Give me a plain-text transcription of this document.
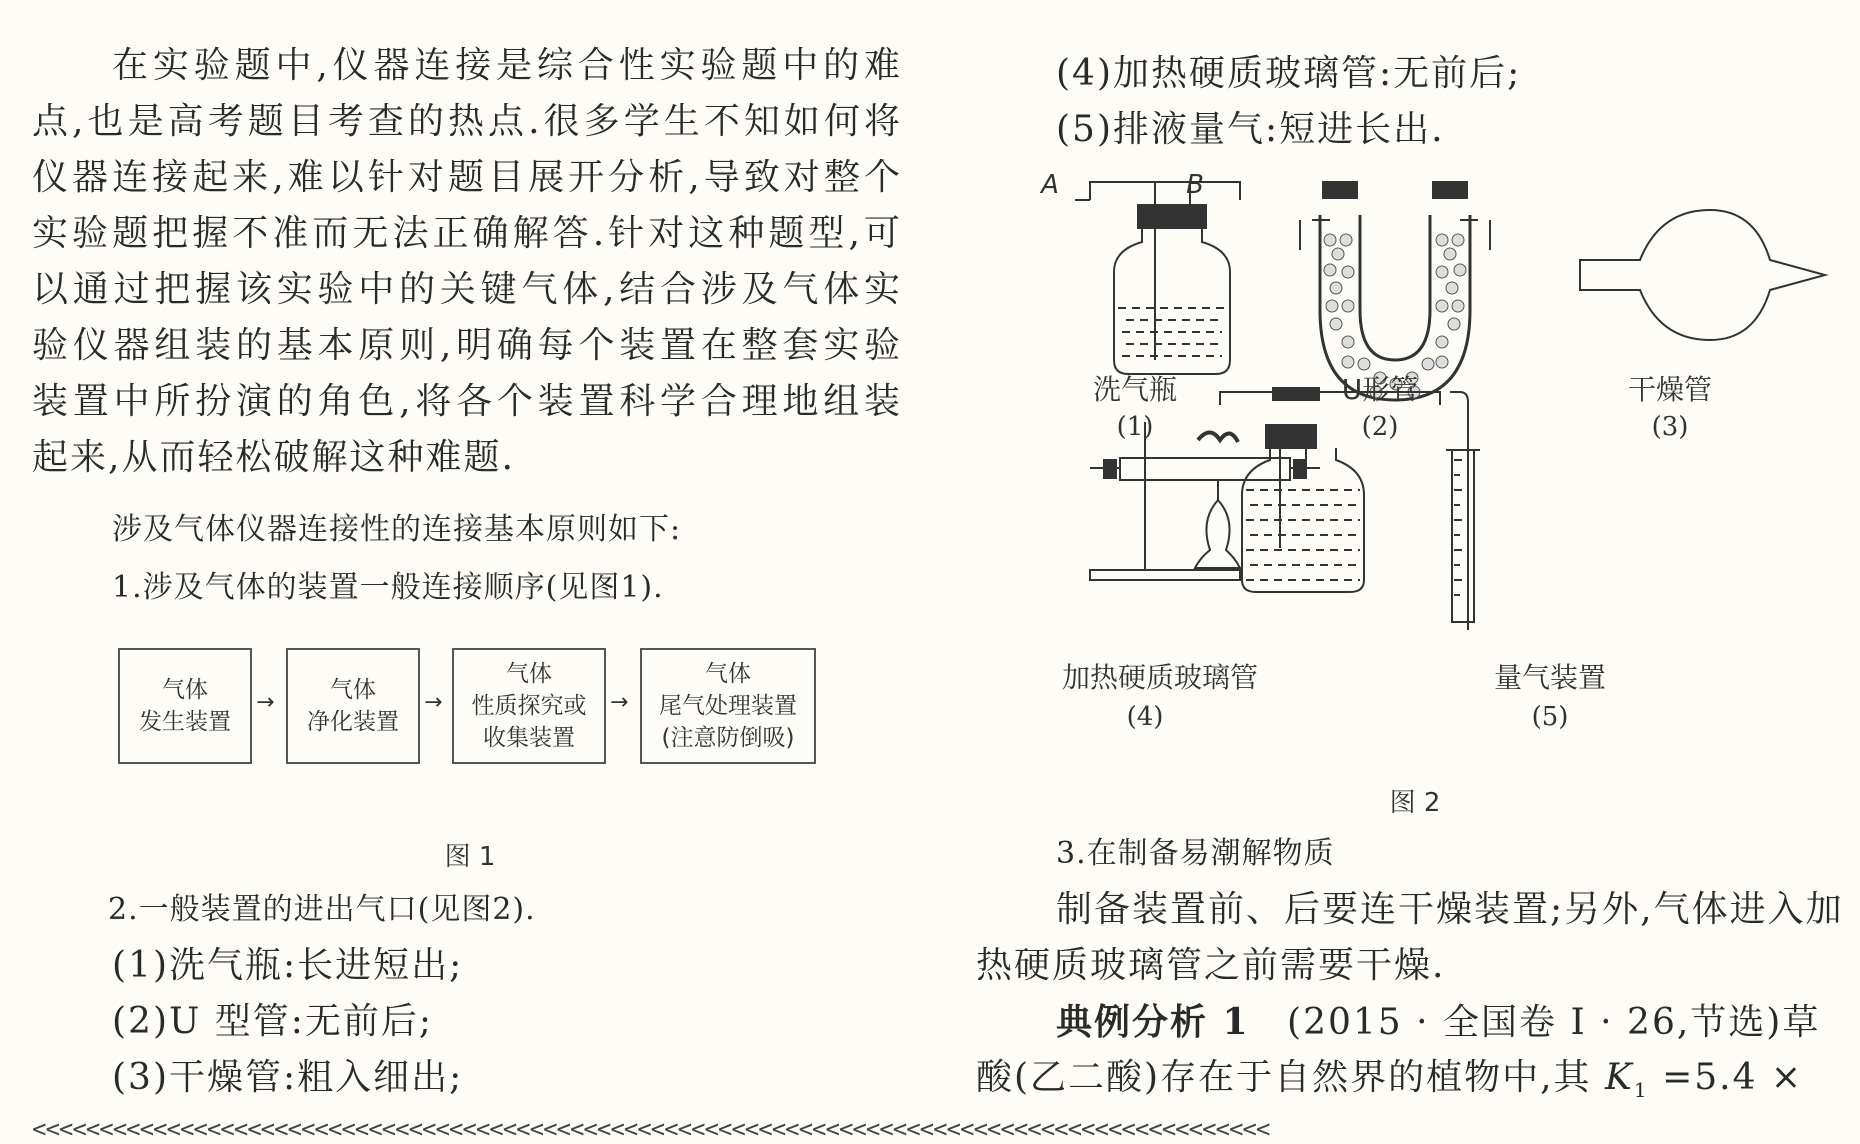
在实验题中,仪器连接是综合性实验题中的难
点,也是高考题目考查的热点.很多学生不知如何将
仪器连接起来,难以针对题目展开分析,导致对整个
实验题把握不准而无法正确解答.针对这种题型,可
以通过把握该实验中的关键气体,结合涉及气体实
验仪器组装的基本原则,明确每个装置在整套实验
装置中所扮演的角色,将各个装置科学合理地组装
起来,从而轻松破解这种难题.
涉及气体仪器连接性的连接基本原则如下:
1.涉及气体的装置一般连接顺序(见图1).
气体
发生装置
→	气体
净化装置
→
气体
性质探究或
收集装置
→
气体
尾气处理装置
(注意防倒吸)
图 1
2.一般装置的进出气口(见图2).
(1)洗气瓶:长进短出;
(2)U 型管:无前后;
(3)干燥管:粗入细出;
(4)加热硬质玻璃管:无前后;
(5)排液量气:短进长出.
A	B
洗气瓶
(1)
U形管
(2)
干燥管
(3)
加热硬质玻璃管
(4)
量气装置
(5)
图 2
3.在制备易潮解物质
制备装置前、后要连干燥装置;另外,气体进入加
热硬质玻璃管之前需要干燥.
典例分析 1 (2015 · 全国卷 Ⅰ · 26,节选)草
酸(乙二酸)存在于自然界的植物中,其 $K_1 =5.4$ ×
<<<<<<<<<<<<<<<<<<<<<<<<<<<<<<<<<<<<<<<<<<<<<<<<<<<<<<<<<<<<<<<<<<<<<<<<<<<<<<<<<<<<<<<<<<<<
